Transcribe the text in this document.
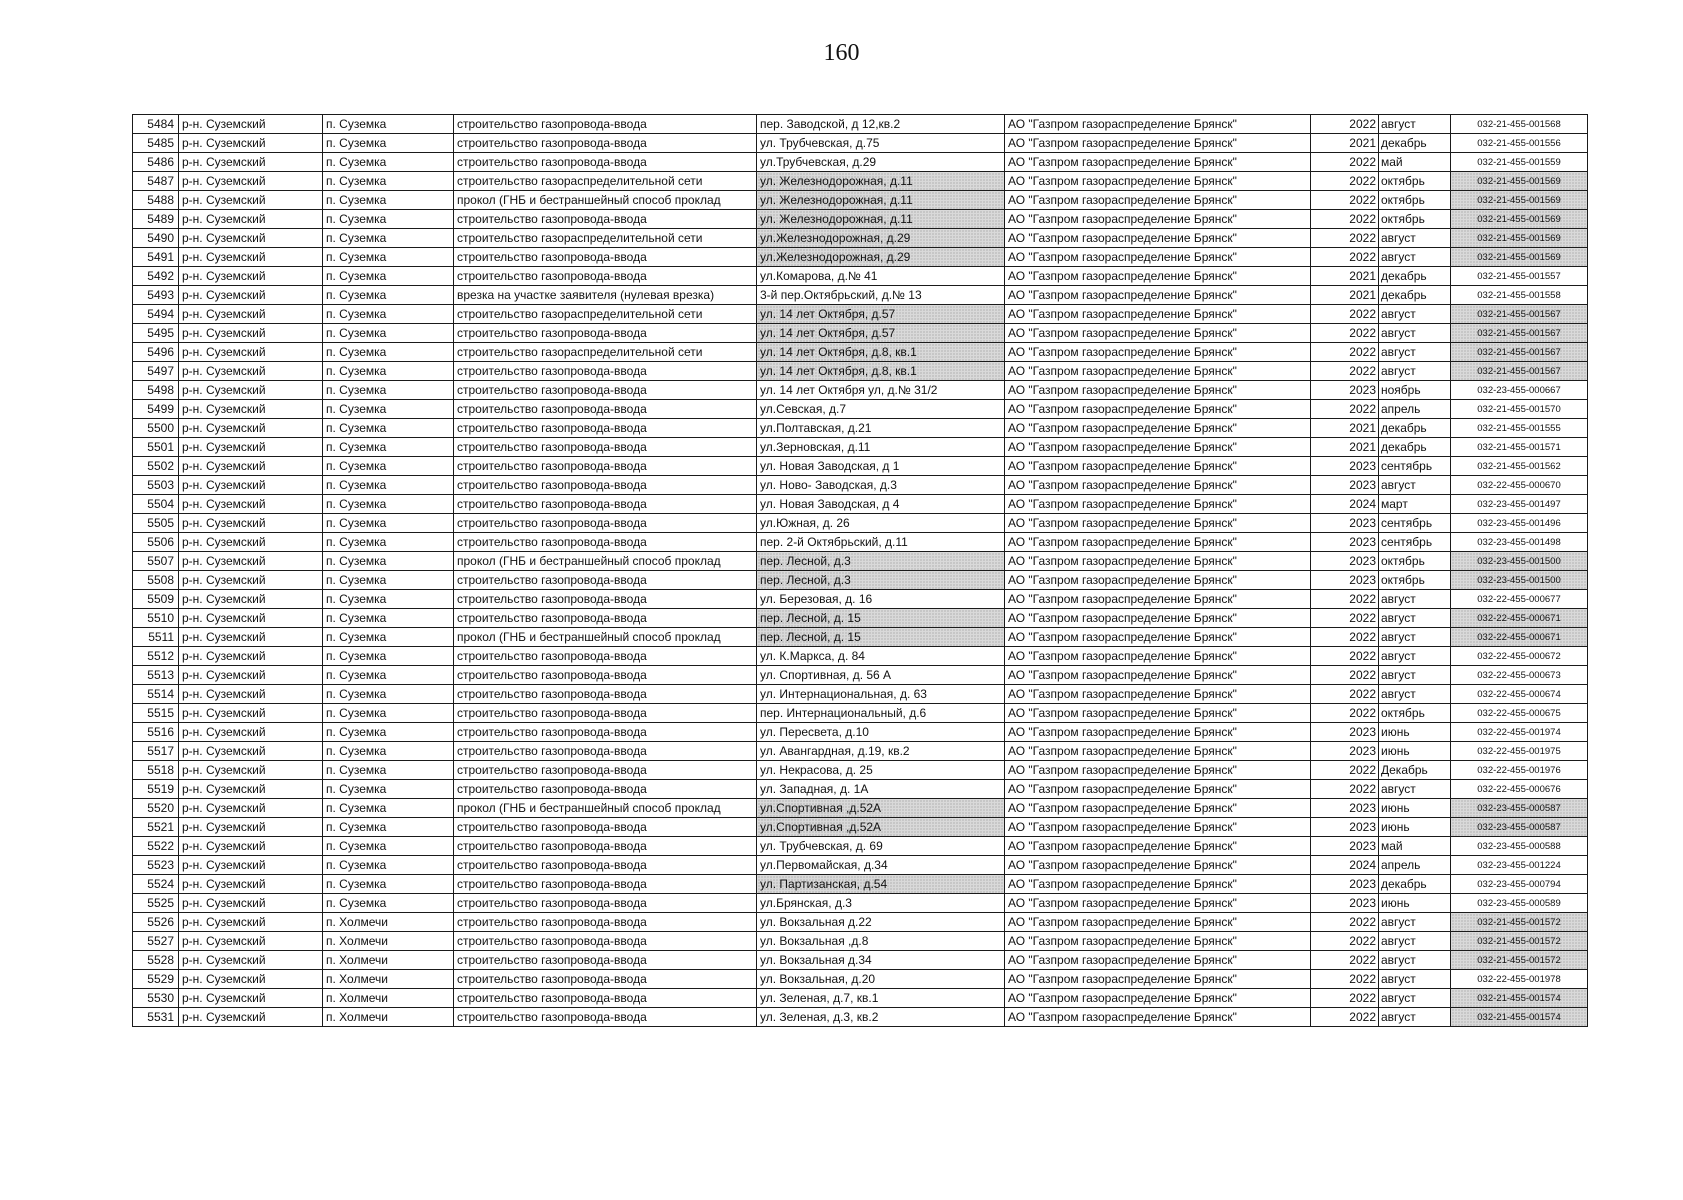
160
5484	р-н. Суземский	п. Суземка	строительство газопровода-ввода	пер. Заводской, д 12,кв.2	АО "Газпром газораспределение Брянск"	2022	август	032-21-455-001568
5485	р-н. Суземский	п. Суземка	строительство газопровода-ввода	ул. Трубчевская, д.75	АО "Газпром газораспределение Брянск"	2021	декабрь	032-21-455-001556
5486	р-н. Суземский	п. Суземка	строительство газопровода-ввода	ул.Трубчевская, д.29	АО "Газпром газораспределение Брянск"	2022	май	032-21-455-001559
5487	р-н. Суземский	п. Суземка	строительство газораспределительной сети	ул. Железнодорожная, д.11	АО "Газпром газораспределение Брянск"	2022	октябрь	032-21-455-001569
5488	р-н. Суземский	п. Суземка	прокол (ГНБ и бестраншейный способ проклад	ул. Железнодорожная, д.11	АО "Газпром газораспределение Брянск"	2022	октябрь	032-21-455-001569
5489	р-н. Суземский	п. Суземка	строительство газопровода-ввода	ул. Железнодорожная, д.11	АО "Газпром газораспределение Брянск"	2022	октябрь	032-21-455-001569
5490	р-н. Суземский	п. Суземка	строительство газораспределительной сети	ул.Железнодорожная, д.29	АО "Газпром газораспределение Брянск"	2022	август	032-21-455-001569
5491	р-н. Суземский	п. Суземка	строительство газопровода-ввода	ул.Железнодорожная, д.29	АО "Газпром газораспределение Брянск"	2022	август	032-21-455-001569
5492	р-н. Суземский	п. Суземка	строительство газопровода-ввода	ул.Комарова, д.№ 41	АО "Газпром газораспределение Брянск"	2021	декабрь	032-21-455-001557
5493	р-н. Суземский	п. Суземка	врезка на участке заявителя (нулевая врезка)	3-й пер.Октябрьский, д.№ 13	АО "Газпром газораспределение Брянск"	2021	декабрь	032-21-455-001558
5494	р-н. Суземский	п. Суземка	строительство газораспределительной сети	ул. 14 лет Октября, д.57	АО "Газпром газораспределение Брянск"	2022	август	032-21-455-001567
5495	р-н. Суземский	п. Суземка	строительство газопровода-ввода	ул. 14 лет Октября, д.57	АО "Газпром газораспределение Брянск"	2022	август	032-21-455-001567
5496	р-н. Суземский	п. Суземка	строительство газораспределительной сети	ул. 14 лет Октября, д.8, кв.1	АО "Газпром газораспределение Брянск"	2022	август	032-21-455-001567
5497	р-н. Суземский	п. Суземка	строительство газопровода-ввода	ул. 14 лет Октября, д.8, кв.1	АО "Газпром газораспределение Брянск"	2022	август	032-21-455-001567
5498	р-н. Суземский	п. Суземка	строительство газопровода-ввода	ул. 14 лет Октября ул, д.№ 31/2	АО "Газпром газораспределение Брянск"	2023	ноябрь	032-23-455-000667
5499	р-н. Суземский	п. Суземка	строительство газопровода-ввода	ул.Севская, д.7	АО "Газпром газораспределение Брянск"	2022	апрель	032-21-455-001570
5500	р-н. Суземский	п. Суземка	строительство газопровода-ввода	ул.Полтавская, д.21	АО "Газпром газораспределение Брянск"	2021	декабрь	032-21-455-001555
5501	р-н. Суземский	п. Суземка	строительство газопровода-ввода	ул.Зерновская, д.11	АО "Газпром газораспределение Брянск"	2021	декабрь	032-21-455-001571
5502	р-н. Суземский	п. Суземка	строительство газопровода-ввода	ул. Новая Заводская, д 1	АО "Газпром газораспределение Брянск"	2023	сентябрь	032-21-455-001562
5503	р-н. Суземский	п. Суземка	строительство газопровода-ввода	ул. Ново- Заводская, д.3	АО "Газпром газораспределение Брянск"	2023	август	032-22-455-000670
5504	р-н. Суземский	п. Суземка	строительство газопровода-ввода	ул. Новая Заводская, д 4	АО "Газпром газораспределение Брянск"	2024	март	032-23-455-001497
5505	р-н. Суземский	п. Суземка	строительство газопровода-ввода	ул.Южная, д. 26	АО "Газпром газораспределение Брянск"	2023	сентябрь	032-23-455-001496
5506	р-н. Суземский	п. Суземка	строительство газопровода-ввода	пер. 2-й Октябрьский, д.11	АО "Газпром газораспределение Брянск"	2023	сентябрь	032-23-455-001498
5507	р-н. Суземский	п. Суземка	прокол (ГНБ и бестраншейный способ проклад	пер. Лесной, д.3	АО "Газпром газораспределение Брянск"	2023	октябрь	032-23-455-001500
5508	р-н. Суземский	п. Суземка	строительство газопровода-ввода	пер. Лесной, д.3	АО "Газпром газораспределение Брянск"	2023	октябрь	032-23-455-001500
5509	р-н. Суземский	п. Суземка	строительство газопровода-ввода	ул. Березовая, д. 16	АО "Газпром газораспределение Брянск"	2022	август	032-22-455-000677
5510	р-н. Суземский	п. Суземка	строительство газопровода-ввода	пер. Лесной, д. 15	АО "Газпром газораспределение Брянск"	2022	август	032-22-455-000671
5511	р-н. Суземский	п. Суземка	прокол (ГНБ и бестраншейный способ проклад	пер. Лесной, д. 15	АО "Газпром газораспределение Брянск"	2022	август	032-22-455-000671
5512	р-н. Суземский	п. Суземка	строительство газопровода-ввода	ул. К.Маркса, д. 84	АО "Газпром газораспределение Брянск"	2022	август	032-22-455-000672
5513	р-н. Суземский	п. Суземка	строительство газопровода-ввода	ул. Спортивная, д. 56 А	АО "Газпром газораспределение Брянск"	2022	август	032-22-455-000673
5514	р-н. Суземский	п. Суземка	строительство газопровода-ввода	ул. Интернациональная, д. 63	АО "Газпром газораспределение Брянск"	2022	август	032-22-455-000674
5515	р-н. Суземский	п. Суземка	строительство газопровода-ввода	пер. Интернациональный, д.6	АО "Газпром газораспределение Брянск"	2022	октябрь	032-22-455-000675
5516	р-н. Суземский	п. Суземка	строительство газопровода-ввода	ул. Пересвета, д.10	АО "Газпром газораспределение Брянск"	2023	июнь	032-22-455-001974
5517	р-н. Суземский	п. Суземка	строительство газопровода-ввода	ул. Авангардная, д.19, кв.2	АО "Газпром газораспределение Брянск"	2023	июнь	032-22-455-001975
5518	р-н. Суземский	п. Суземка	строительство газопровода-ввода	ул. Некрасова, д. 25	АО "Газпром газораспределение Брянск"	2022	Декабрь	032-22-455-001976
5519	р-н. Суземский	п. Суземка	строительство газопровода-ввода	ул. Западная, д. 1А	АО "Газпром газораспределение Брянск"	2022	август	032-22-455-000676
5520	р-н. Суземский	п. Суземка	прокол (ГНБ и бестраншейный способ проклад	ул.Спортивная ,д.52А	АО "Газпром газораспределение Брянск"	2023	июнь	032-23-455-000587
5521	р-н. Суземский	п. Суземка	строительство газопровода-ввода	ул.Спортивная ,д.52А	АО "Газпром газораспределение Брянск"	2023	июнь	032-23-455-000587
5522	р-н. Суземский	п. Суземка	строительство газопровода-ввода	ул. Трубчевская, д. 69	АО "Газпром газораспределение Брянск"	2023	май	032-23-455-000588
5523	р-н. Суземский	п. Суземка	строительство газопровода-ввода	ул.Первомайская, д.34	АО "Газпром газораспределение Брянск"	2024	апрель	032-23-455-001224
5524	р-н. Суземский	п. Суземка	строительство газопровода-ввода	ул. Партизанская, д.54	АО "Газпром газораспределение Брянск"	2023	декабрь	032-23-455-000794
5525	р-н. Суземский	п. Суземка	строительство газопровода-ввода	ул.Брянская, д.3	АО "Газпром газораспределение Брянск"	2023	июнь	032-23-455-000589
5526	р-н. Суземский	п. Холмечи	строительство газопровода-ввода	ул. Вокзальная д.22	АО "Газпром газораспределение Брянск"	2022	август	032-21-455-001572
5527	р-н. Суземский	п. Холмечи	строительство газопровода-ввода	ул. Вокзальная ,д.8	АО "Газпром газораспределение Брянск"	2022	август	032-21-455-001572
5528	р-н. Суземский	п. Холмечи	строительство газопровода-ввода	ул. Вокзальная д.34	АО "Газпром газораспределение Брянск"	2022	август	032-21-455-001572
5529	р-н. Суземский	п. Холмечи	строительство газопровода-ввода	ул. Вокзальная, д.20	АО "Газпром газораспределение Брянск"	2022	август	032-22-455-001978
5530	р-н. Суземский	п. Холмечи	строительство газопровода-ввода	ул. Зеленая, д.7, кв.1	АО "Газпром газораспределение Брянск"	2022	август	032-21-455-001574
5531	р-н. Суземский	п. Холмечи	строительство газопровода-ввода	ул. Зеленая, д.3, кв.2	АО "Газпром газораспределение Брянск"	2022	август	032-21-455-001574
